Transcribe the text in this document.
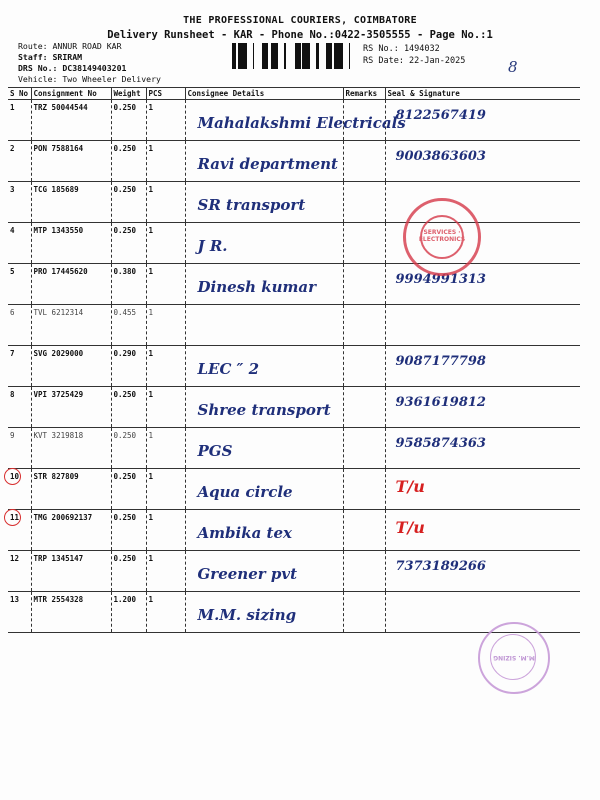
THE PROFESSIONAL COURIERS, COIMBATORE
Delivery Runsheet - KAR - Phone No.:0422-3505555 - Page No.:1
Route: ANNUR ROAD KAR
Staff: SRIRAM
DRS No.: DC38149403201
Vehicle: Two Wheeler Delivery
RS No.: 1494032
RS Date: 22-Jan-2025	8
S No	Consignment No	Weight	PCS	Consignee Details	Remarks	Seal & Signature
1	TRZ 50044544	0.250	1	Mahalakshmi Electricals		8122567419

2	PON 7588164	0.250	1	Ravi department		9003863603

3	TCG 185689	0.250	1	SR transport		

4	MTP 1343550	0.250	1	J R.		

5	PRO 17445620	0.380	1	Dinesh kumar		9994991313

6	TVL 6212314	0.455	1	

7	SVG 2029000	0.290	1	LEC ″ 2		9087177798

8	VPI 3725429	0.250	1	Shree transport		9361619812

9	KVT 3219818	0.250	1	PGS		9585874363

10	STR 827809	0.250	1	Aqua circle		T/u

11	TMG 200692137	0.250	1	Ambika tex		T/u

12	TRP 1345147	0.250	1	Greener pvt		7373189266

13	MTR 2554328	1.200	1	M.M. sizing		

SERVICES · ELECTRONICS
M.M. SIZING
